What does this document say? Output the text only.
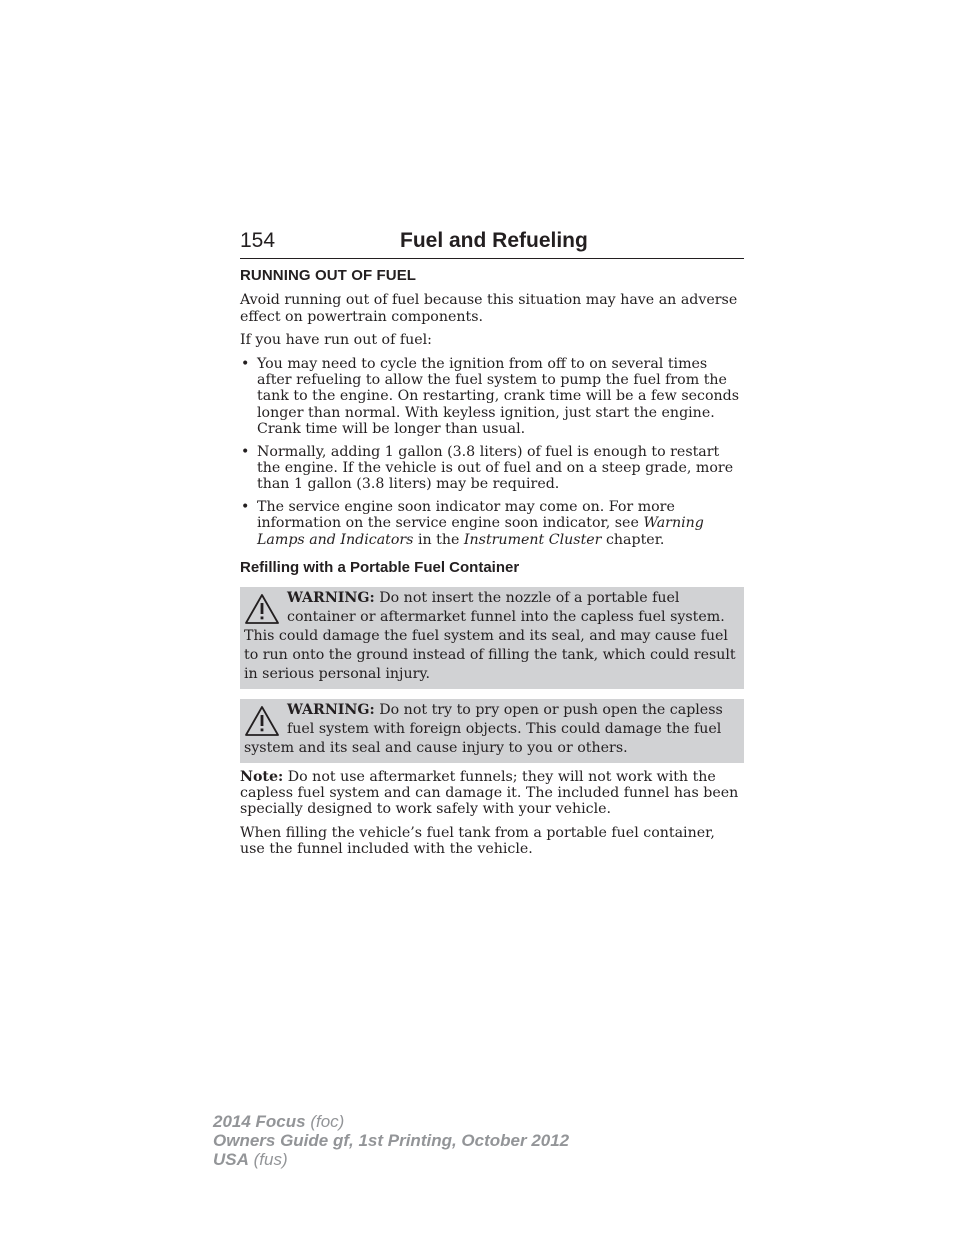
154	Fuel and Refueling
RUNNING OUT OF FUEL

Avoid running out of fuel because this situation may have an adverse effect on powertrain components.

If you have run out of fuel:

• You may need to cycle the ignition from off to on several times after refueling to allow the fuel system to pump the fuel from the tank to the engine. On restarting, crank time will be a few seconds longer than normal. With keyless ignition, just start the engine. Crank time will be longer than usual.
• Normally, adding 1 gallon (3.8 liters) of fuel is enough to restart the engine. If the vehicle is out of fuel and on a steep grade, more than 1 gallon (3.8 liters) may be required.
• The service engine soon indicator may come on. For more information on the service engine soon indicator, see Warning Lamps and Indicators in the Instrument Cluster chapter.
Refilling with a Portable Fuel Container
WARNING: Do not insert the nozzle of a portable fuel container or aftermarket funnel into the capless fuel system. This could damage the fuel system and its seal, and may cause fuel to run onto the ground instead of filling the tank, which could result in serious personal injury.
WARNING: Do not try to pry open or push open the capless fuel system with foreign objects. This could damage the fuel system and its seal and cause injury to you or others.

Note: Do not use aftermarket funnels; they will not work with the capless fuel system and can damage it. The included funnel has been specially designed to work safely with your vehicle.

When filling the vehicle’s fuel tank from a portable fuel container, use the funnel included with the vehicle.

2014 Focus (foc)
Owners Guide gf, 1st Printing, October 2012
USA (fus)
